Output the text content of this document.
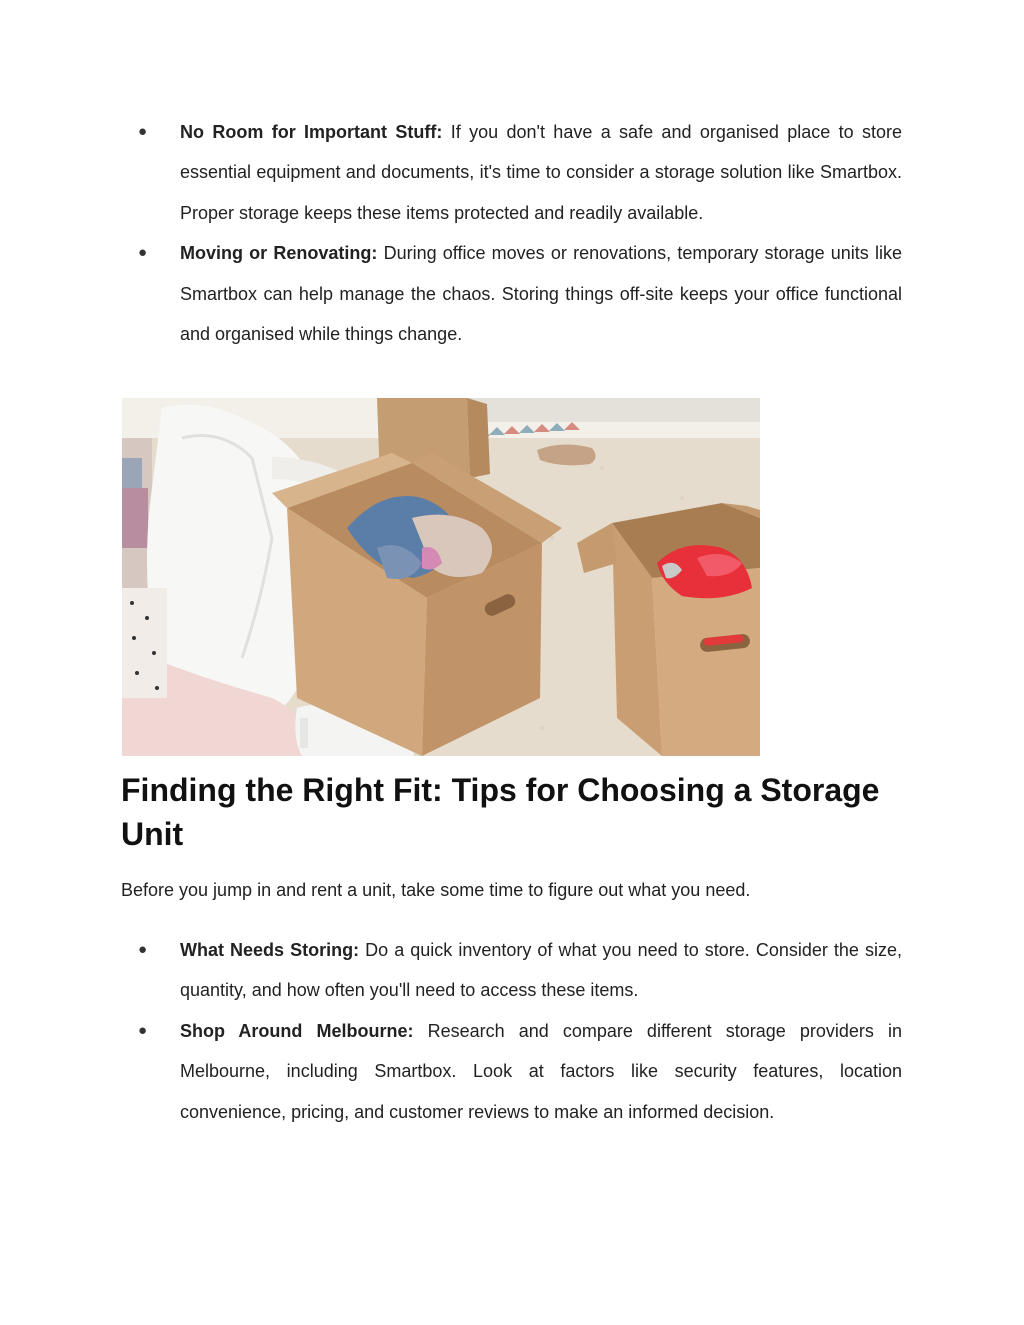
● No Room for Important Stuff: If you don't have a safe and organised place to store essential equipment and documents, it's time to consider a storage solution like Smartbox. Proper storage keeps these items protected and readily available.
● Moving or Renovating: During office moves or renovations, temporary storage units like Smartbox can help manage the chaos. Storing things off-site keeps your office functional and organised while things change.
Finding the Right Fit: Tips for Choosing a Storage Unit

Before you jump in and rent a unit, take some time to figure out what you need.

● What Needs Storing: Do a quick inventory of what you need to store. Consider the size, quantity, and how often you'll need to access these items.
● Shop Around Melbourne: Research and compare different storage providers in Melbourne, including Smartbox. Look at factors like security features, location convenience, pricing, and customer reviews to make an informed decision.
